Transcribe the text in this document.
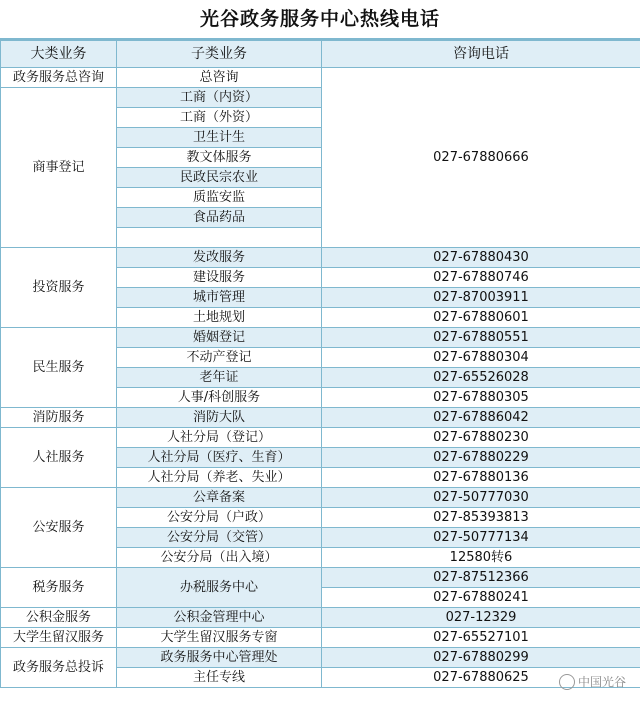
光谷政务服务中心热线电话
大类业务	子类业务	咨询电话
政务服务总咨询	总咨询	027-67880666
商事登记	工商（内资）	
	工商（外资）	
	卫生计生	
	教文体服务	
	民政民宗农业	
	质监安监	
	食品药品	

投资服务	发改服务	027-67880430
	建设服务	027-67880746
	城市管理	027-87003911
	土地规划	027-67880601
民生服务	婚姻登记	027-67880551
	不动产登记	027-67880304
	老年证	027-65526028
	人事/科创服务	027-67880305
消防服务	消防大队	027-67886042
人社服务	人社分局（登记）	027-67880230
	人社分局（医疗、生育）	027-67880229
	人社分局（养老、失业）	027-67880136
公安服务	公章备案	027-50777030
	公安分局（户政）	027-85393813
	公安分局（交管）	027-50777134
	公安分局（出入境）	12580转6
税务服务	办税服务中心	027-87512366
		027-67880241
公积金服务	公积金管理中心	027-12329
大学生留汉服务	大学生留汉服务专窗	027-65527101
政务服务总投诉	政务服务中心管理处	027-67880299
	主任专线	027-67880625	中国光谷
